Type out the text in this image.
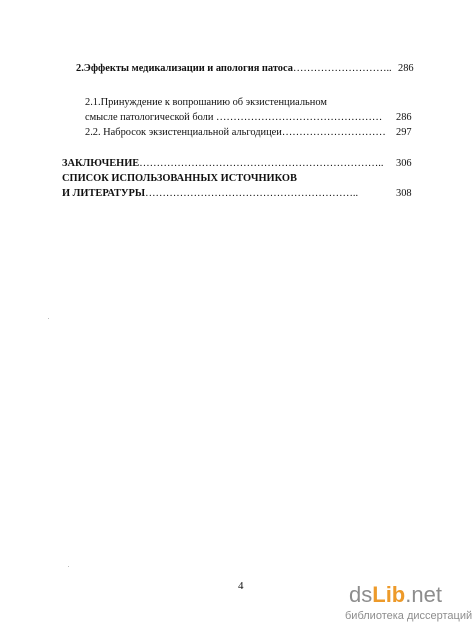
2.Эффекты медикализации и апология патоса……………………….. 286
2.1.Принуждение к вопрошанию об экзистенциальном
смысле патологической боли ………………………………………… 286
2.2. Набросок экзистенциальной альгодицеи………………………… 297
ЗАКЛЮЧЕНИЕ…………………………………………………………….. 306
СПИСОК ИСПОЛЬЗОВАННЫХ ИСТОЧНИКОВ
И ЛИТЕРАТУРЫ……………………………………………………..	308
4	dsLib.net
библиотека диссертаций
